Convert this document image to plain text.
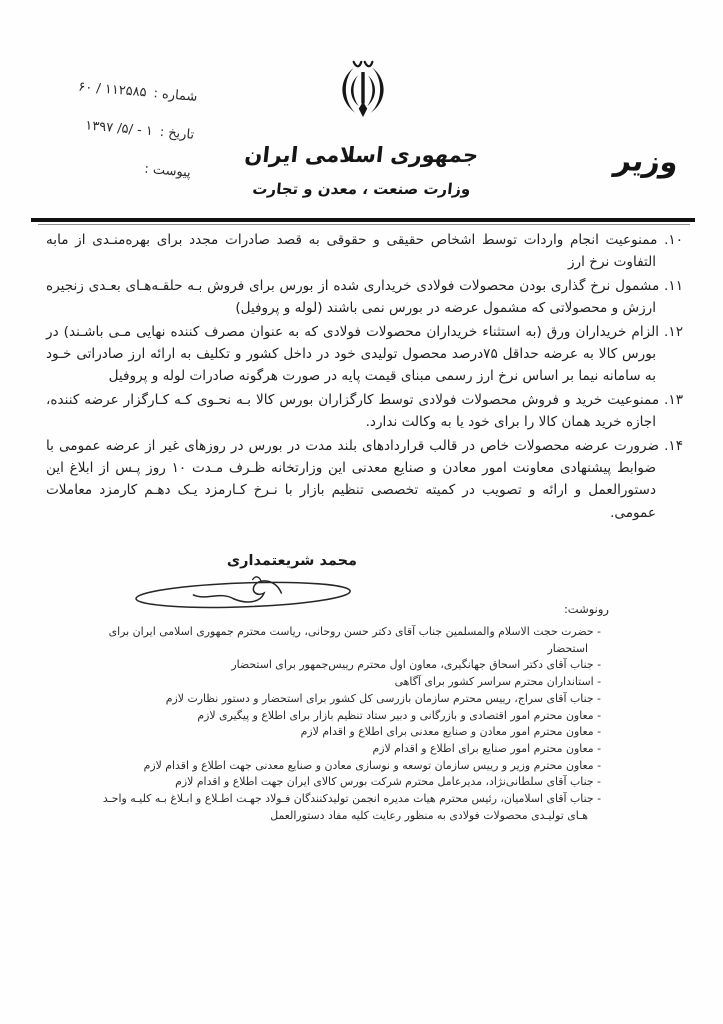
شماره :
۶۰ / ۱۱۲۵۸۵
تاریخ :
۱۳۹۷ /۵/ - ۱
پیوست :
جمهوری اسلامی ایران
وزارت صنعت ، معدن و تجارت
وزیر
۱۰. ممنوعیت انجام واردات توسط اشخاص حقیقی و حقوقی به قصد صادرات مجدد برای بهره‌منـدی از مابه التفاوت نرخ ارز
۱۱. مشمول نرخ گذاری بودن محصولات فولادی خریداری شده از بورس برای فروش بـه حلقـه‌هـای بعـدی زنجیره ارزش و محصولاتی که مشمول عرضه در بورس نمی باشند (لوله و پروفیل)
۱۲. الزام خریداران ورق (به استثناء خریداران محصولات فولادی که به عنوان مصرف کننده نهایی مـی باشـند) در بورس کالا به عرضه حداقل ۷۵درصد محصول تولیدی خود در داخل کشور و تکلیف به ارائه ارز صادراتی خـود به سامانه نیما بر اساس نرخ ارز رسمی مبنای قیمت پایه در صورت هرگونه صادرات لوله و پروفیل
۱۳. ممنوعیت خرید و فروش محصولات فولادی توسط کارگزاران بورس کالا بـه نحـوی کـه کـارگزار عرضه کننده، اجازه خرید همان کالا را برای خود یا به وکالت ندارد.
۱۴. ضرورت عرضه محصولات خاص در قالب قراردادهای بلند مدت در بورس در روزهای غیر از عرضه عمومی با ضوابط پیشنهادی معاونت امور معادن و صنایع معدنی این وزارتخانه ظـرف مـدت ۱۰ روز پـس از ابلاغ این دستورالعمل و ارائه و تصویب در کمیته تخصصی تنظیم بازار با نـرخ کـارمزد یـک دهـم کارمزد معاملات عمومی.
محمد شریعتمداری
رونوشت:
- حضرت حجت الاسلام والمسلمین جناب آقای دکتر حسن روحانی، ریاست محترم جمهوری اسلامی ایران برای استحضار
- جناب آقای دکتر اسحاق جهانگیری، معاون اول محترم رییس‌جمهور برای استحضار
- استانداران محترم سراسر کشور برای آگاهی
- جناب آقای سراج، رییس محترم سازمان بازرسی کل کشور برای استحضار و دستور نظارت لازم
- معاون محترم امور اقتصادی و بازرگانی و دبیر ستاد تنظیم بازار برای اطلاع و پیگیری لازم
- معاون محترم امور معادن و صنایع معدنی برای اطلاع و اقدام لازم
- معاون محترم امور صنایع برای اطلاع و اقدام لازم
- معاون محترم وزیر و رییس سازمان توسعه و نوسازی معادن و صنایع معدنی جهت اطلاع و اقدام لازم
- جناب آقای سلطانی‌نژاد، مدیرعامل محترم شرکت بورس کالای ایران جهت اطلاع و اقدام لازم
- جناب آقای اسلامیان، رئیس محترم هیات مدیره انجمن تولیدکنندگان فـولاد جهـت اطـلاع و ابـلاغ بـه کلیـه واحـد هـای تولیـدی محصولات فولادی به منظور رعایت کلیه مفاد دستورالعمل
